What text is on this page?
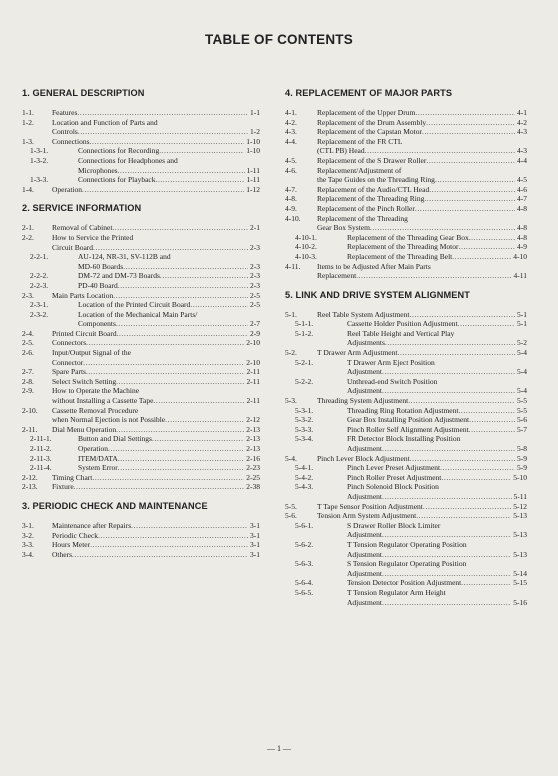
TABLE OF CONTENTS
1. GENERAL DESCRIPTION
1-1.	Features .....	1-1
1-2.	Location and Function of Parts and
Controls .....	1-2
1-3.	Connections .....	1-10
1-3-1.	Connections for Recording .....	1-10
1-3-2.	Connections for Headphones and
Microphones .....	1-11
1-3-3.	Connections for Playback .....	1-11
1-4.	Operation .....	1-12
2. SERVICE INFORMATION
2-1.	Removal of Cabinet .....	2-1
2-2.	How to Service the Printed
Circuit Board .....	2-3
2-2-1.	AU-124, NR-31, SV-112B and
MD-60 Boards .....	2-3
2-2-2.	DM-72 and DM-73 Boards .....	2-3
2-2-3.	PD-40 Board .....	2-3
2-3.	Main Parts Location .....	2-5
2-3-1.	Location of the Printed Circuit Board .....	2-5
2-3-2.	Location of the Mechanical Main Parts/
Components .....	2-7
2-4.	Printed Circuit Board .....	2-9
2-5.	Connectors .....	2-10
2-6.	Input/Output Signal of the
Connector .....	2-10
2-7.	Spare Parts .....	2-11
2-8.	Select Switch Setting .....	2-11
2-9.	How to Operate the Machine
without Installing a Cassette Tape .....	2-11
2-10.	Cassette Removal Procedure
when Normal Ejection is not Possible .....	2-12
2-11.	Dial Menu Operation .....	2-13
2-11-1.	Button and Dial Settings .....	2-13
2-11-2.	Operation .....	2-13
2-11-3.	ITEM/DATA .....	2-16
2-11-4.	System Error .....	2-23
2-12.	Timing Chart .....	2-25
2-13.	Fixture .....	2-38
3. PERIODIC CHECK AND MAINTENANCE
3-1.	Maintenance after Repairs .....	3-1
3-2.	Periodic Check .....	3-1
3-3.	Hours Meter .....	3-1
3-4.	Others .....	3-1
4. REPLACEMENT OF MAJOR PARTS
4-1.	Replacement of the Upper Drum .....	4-1
4-2.	Replacement of the Drum Assembly .....	4-2
4-3.	Replacement of the Capstan Motor .....	4-3
4-4.	Replacement of the FR CTL
(CTL PB) Head .....	4-3
4-5.	Replacement of the S Drawer Roller .....	4-4
4-6.	Replacement/Adjustment of
the Tape Guides on the Threading Ring .....	4-5
4-7.	Replacement of the Audio/CTL Head .....	4-6
4-8.	Replacement of the Threading Ring .....	4-7
4-9.	Replacement of the Pinch Roller .....	4-8
4-10.	Replacement of the Threading
Gear Box System .....	4-8
4-10-1.	Replacement of the Threading Gear Box .....	4-8
4-10-2.	Replacement of the Threading Motor .....	4-9
4-10-3.	Replacement of the Threading Belt .....	4-10
4-11.	Items to be Adjusted After Main Parts
Replacement .....	4-11
5. LINK AND DRIVE SYSTEM ALIGNMENT
5-1.	Reel Table System Adjustment .....	5-1
5-1-1.	Cassette Holder Position Adjustment .....	5-1
5-1-2.	Reel Table Height and Vertical Play
Adjustments .....	5-2
5-2.	T Drawer Arm Adjustment .....	5-4
5-2-1.	T Drawer Arm Eject Position
Adjustment .....	5-4
5-2-2.	Unthread-end Switch Position
Adjustment .....	5-4
5-3.	Threading System Adjustment .....	5-5
5-3-1.	Threading Ring Rotation Adjustment .....	5-5
5-3-2.	Gear Box Installing Position Adjustment .....	5-6
5-3-3.	Pinch Roller Self Alignment Adjustment .....	5-7
5-3-4.	FR Detector Block Installing Position
Adjustment .....	5-8
5-4.	Pinch Lever Block Adjustment .....	5-9
5-4-1.	Pinch Lever Preset Adjustment .....	5-9
5-4-2.	Pinch Roller Preset Adjustment .....	5-10
5-4-3.	Pinch Solenoid Block Position
Adjustment .....	5-11
5-5.	T Tape Sensor Position Adjustment .....	5-12
5-6.	Tension Arm System Adjustment .....	5-13
5-6-1.	S Drawer Roller Block Limiter
Adjustment .....	5-13
5-6-2.	T Tension Regulator Operating Position
Adjustment .....	5-13
5-6-3.	S Tension Regulator Operating Position
Adjustment .....	5-14
5-6-4.	Tension Detector Position Adjustment .....	5-15
5-6-5.	T Tension Regulator Arm Height
Adjustment .....	5-16
— 1 —
